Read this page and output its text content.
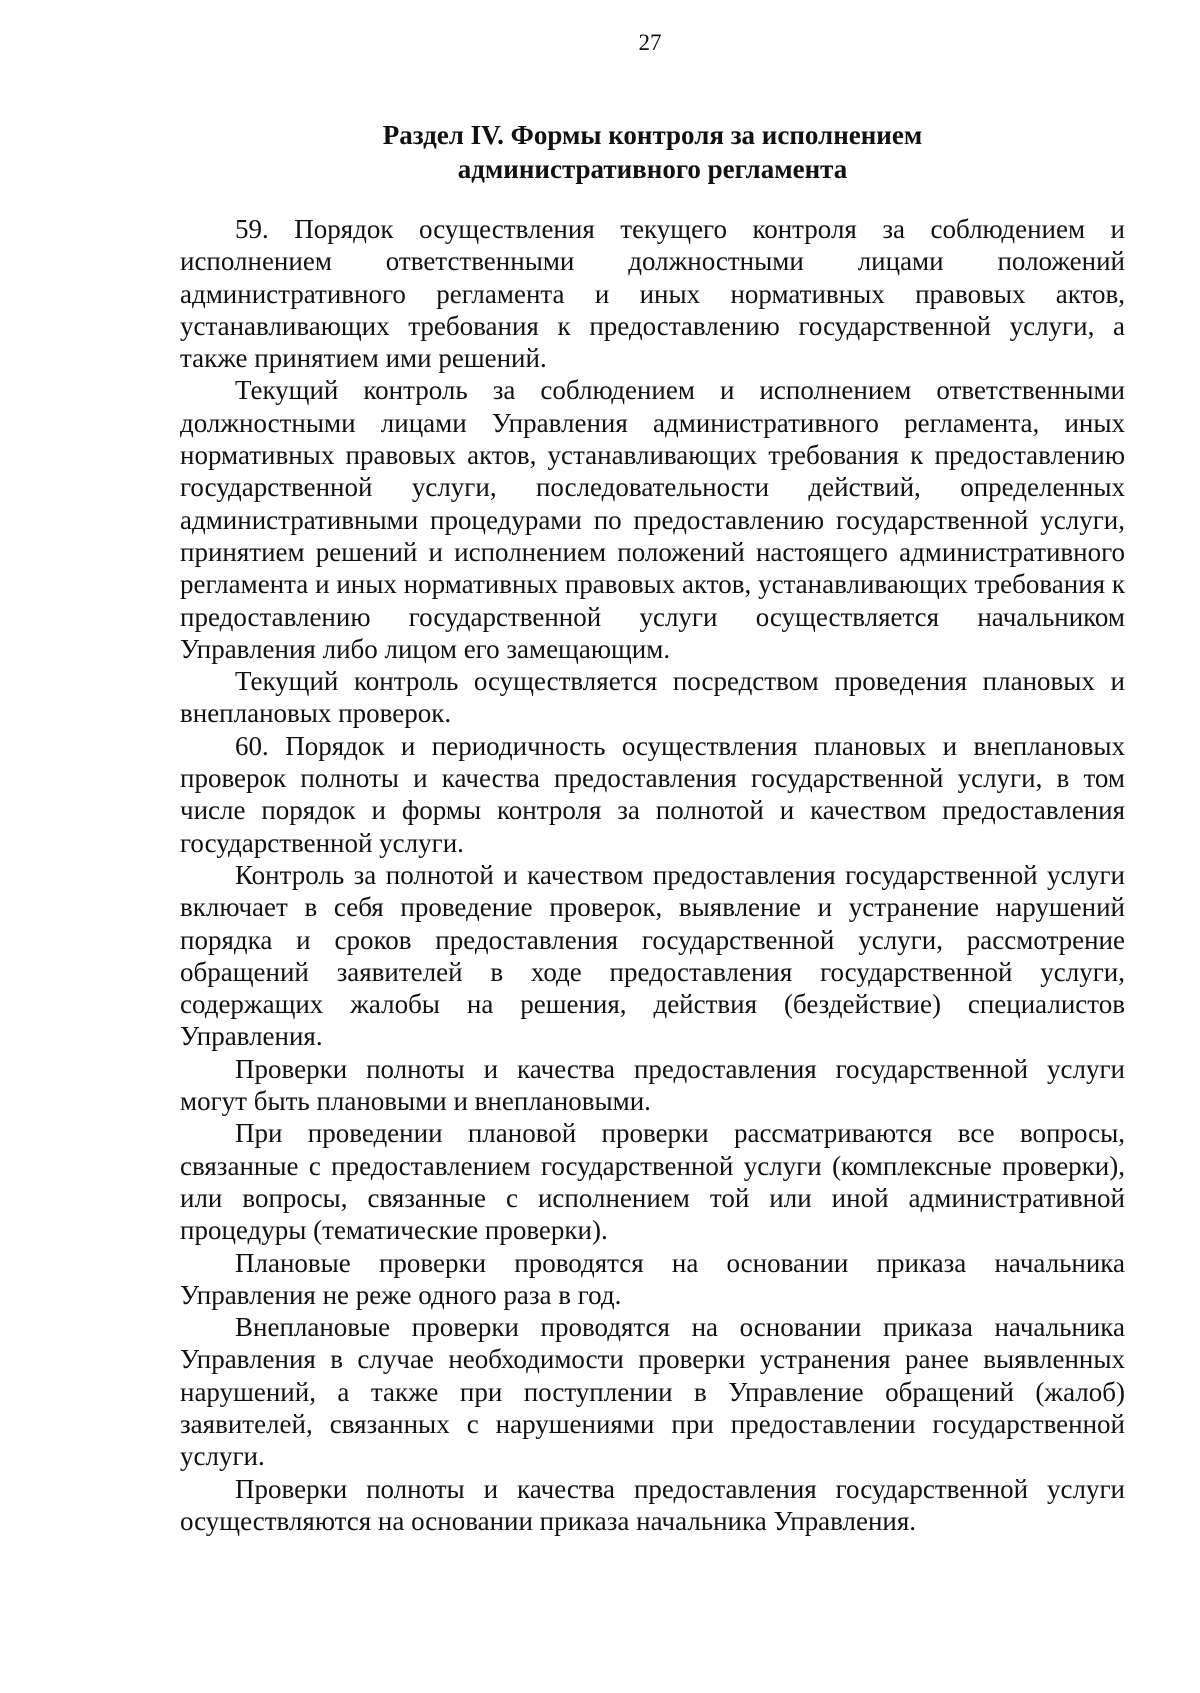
27
Раздел IV. Формы контроля за исполнением
административного регламента

59. Порядок осуществления текущего контроля за соблюдением и исполнением ответственными должностными лицами положений административного регламента и иных нормативных правовых актов, устанавливающих требования к предоставлению государственной услуги, а также принятием ими решений.

Текущий контроль за соблюдением и исполнением ответственными должностными лицами Управления административного регламента, иных нормативных правовых актов, устанавливающих требования к предоставлению государственной услуги, последовательности действий, определенных административными процедурами по предоставлению государственной услуги, принятием решений и исполнением положений настоящего административного регламента и иных нормативных правовых актов, устанавливающих требования к предоставлению государственной услуги осуществляется начальником Управления либо лицом его замещающим.

Текущий контроль осуществляется посредством проведения плановых и внеплановых проверок.

60. Порядок и периодичность осуществления плановых и внеплановых проверок полноты и качества предоставления государственной услуги, в том числе порядок и формы контроля за полнотой и качеством предоставления государственной услуги.

Контроль за полнотой и качеством предоставления государственной услуги включает в себя проведение проверок, выявление и устранение нарушений порядка и сроков предоставления государственной услуги, рассмотрение обращений заявителей в ходе предоставления государственной услуги, содержащих жалобы на решения, действия (бездействие) специалистов Управления.

Проверки полноты и качества предоставления государственной услуги могут быть плановыми и внеплановыми.

При проведении плановой проверки рассматриваются все вопросы, связанные с предоставлением государственной услуги (комплексные проверки), или вопросы, связанные с исполнением той или иной административной процедуры (тематические проверки).

Плановые проверки проводятся на основании приказа начальника Управления не реже одного раза в год.

Внеплановые проверки проводятся на основании приказа начальника Управления в случае необходимости проверки устранения ранее выявленных нарушений, а также при поступлении в Управление обращений (жалоб) заявителей, связанных с нарушениями при предоставлении государственной услуги.

Проверки полноты и качества предоставления государственной услуги осуществляются на основании приказа начальника Управления.
